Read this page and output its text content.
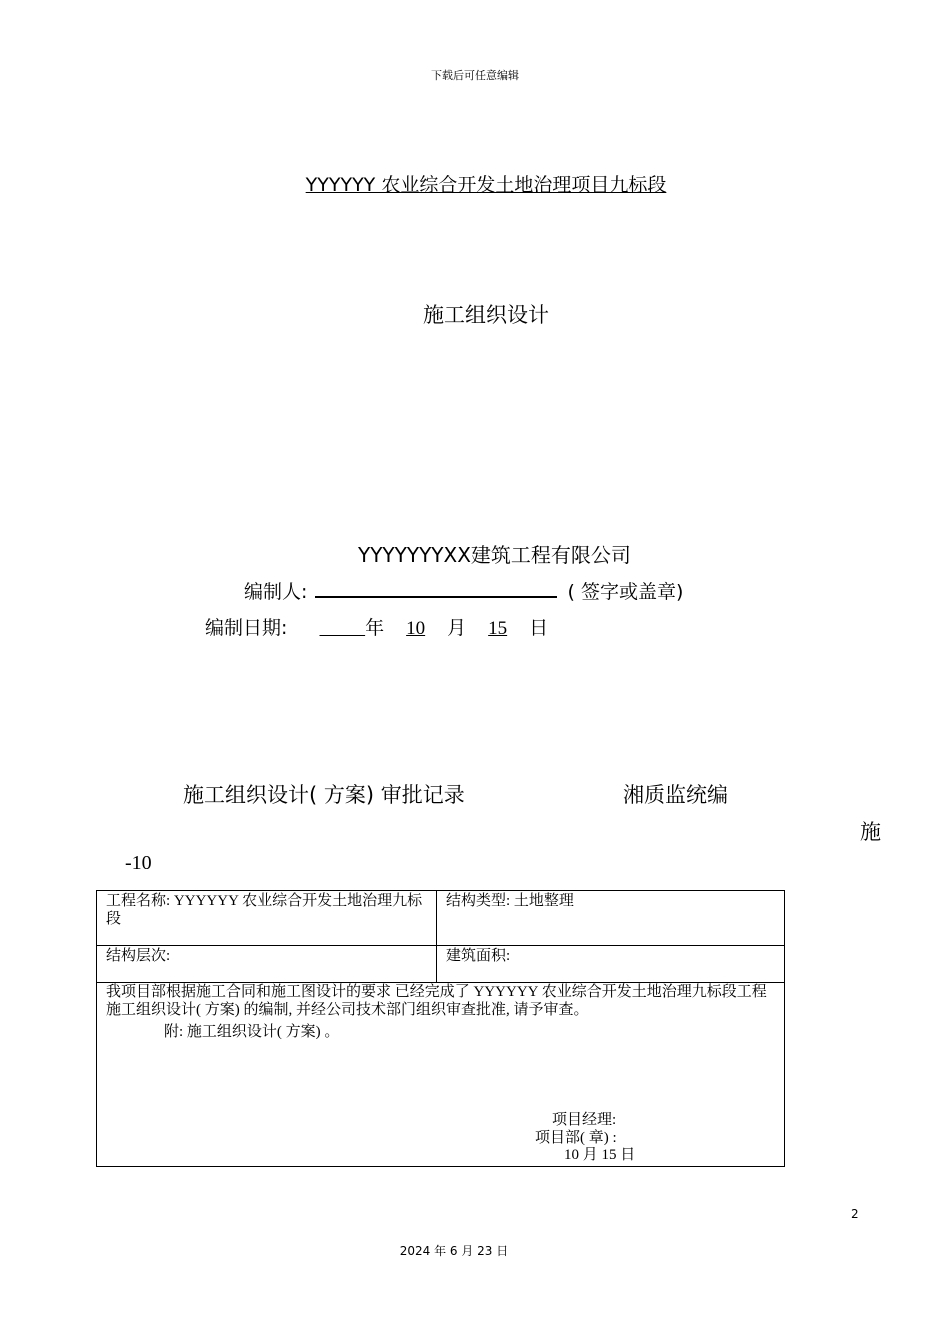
下载后可任意编辑
YYYYYY 农业综合开发土地治理项目九标段
施工组织设计
YYYYYYYXX建筑工程有限公司
编制人:	( 签字或盖章)
编制日期:	年 10 月 15 日
施工组织设计( 方案) 审批记录	湘质监统编
施
-10
工程名称: YYYYYY 农业综合开发土地治理九标段	结构类型: 土地整理
结构层次:	建筑面积:

我项目部根据施工合同和施工图设计的要求 已经完成了 YYYYYY 农业综合开发土地治理九标段工程施工组织设计( 方案) 的编制, 并经公司技术部门组织审查批准, 请予审查。
附: 施工组织设计( 方案) 。
项目经理:
项目部( 章) :
10 月 15 日	
2
2024 年 6 月 23 日
